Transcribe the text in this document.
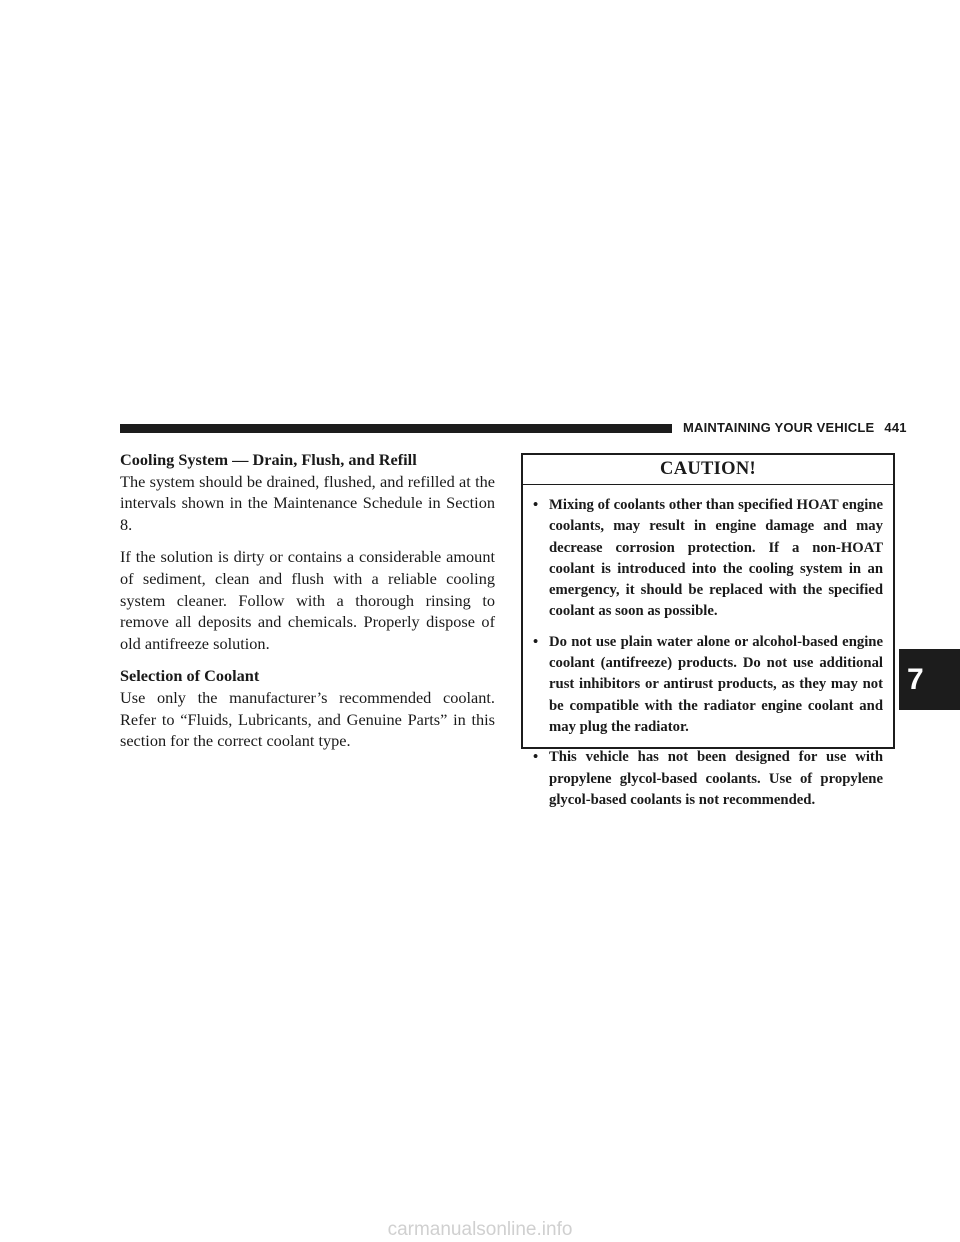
MAINTAINING YOUR VEHICLE 441
Cooling System — Drain, Flush, and Refill

The system should be drained, flushed, and refilled at the intervals shown in the Maintenance Schedule in Section 8.

If the solution is dirty or contains a considerable amount of sediment, clean and flush with a reliable cooling system cleaner. Follow with a thorough rinsing to remove all deposits and chemicals. Properly dispose of old antifreeze solution.

Selection of Coolant

Use only the manufacturer’s recommended coolant. Refer to “Fluids, Lubricants, and Genuine Parts” in this section for the correct coolant type.

CAUTION!
• Mixing of coolants other than specified HOAT engine coolants, may result in engine damage and may decrease corrosion protection. If a non-HOAT coolant is introduced into the cooling system in an emergency, it should be replaced with the specified coolant as soon as possible.
• Do not use plain water alone or alcohol-based engine coolant (antifreeze) products. Do not use additional rust inhibitors or antirust products, as they may not be compatible with the radiator engine coolant and may plug the radiator.
• This vehicle has not been designed for use with propylene glycol-based coolants. Use of propylene glycol-based coolants is not recommended.
7
carmanualsonline.info
